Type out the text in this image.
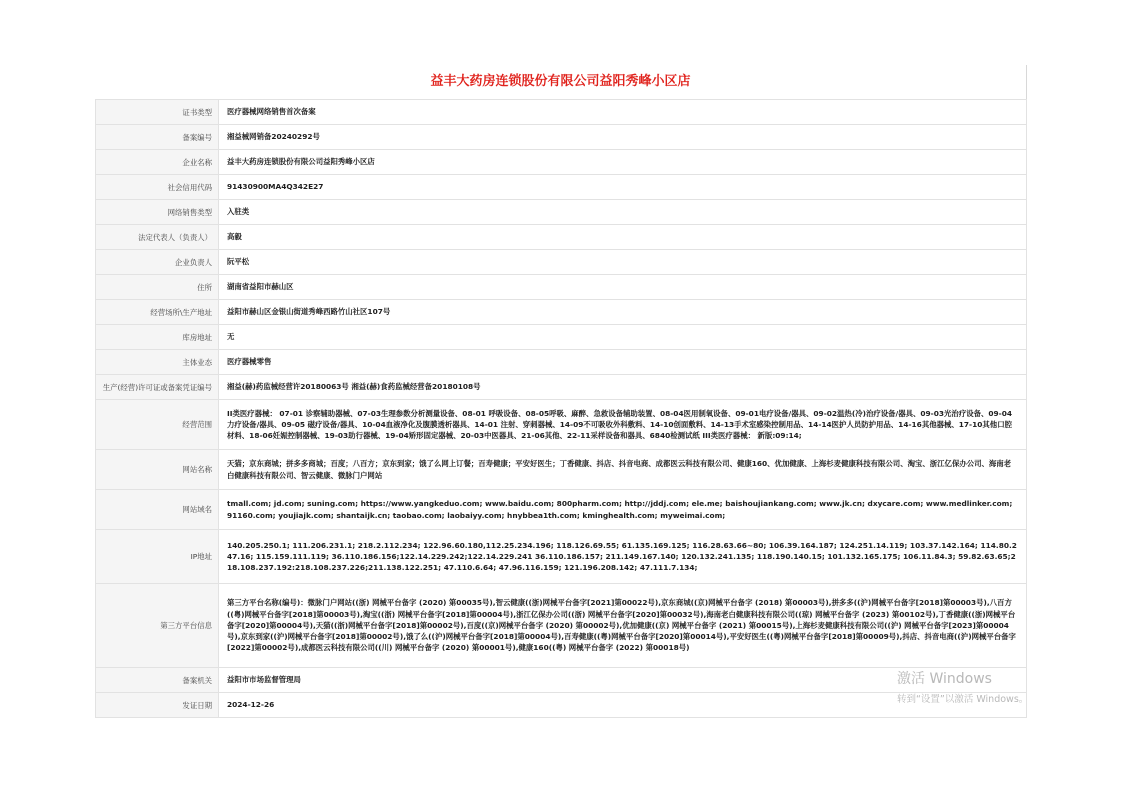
益丰大药房连锁股份有限公司益阳秀峰小区店
证书类型	医疗器械网络销售首次备案
备案编号	湘益械网销备20240292号
企业名称	益丰大药房连锁股份有限公司益阳秀峰小区店
社会信用代码	91430900MA4Q342E27
网络销售类型	入驻类
法定代表人（负责人）	高毅
企业负责人	阮平松
住所	湖南省益阳市赫山区
经营场所\生产地址	益阳市赫山区金银山街道秀峰西路竹山社区107号
库房地址	无
主体业态	医疗器械零售
生产(经营)许可证或备案凭证编号	湘益(赫)药监械经营许20180063号 湘益(赫)食药监械经营备20180108号
经营范围	II类医疗器械： 07-01 诊察辅助器械、07-03生理参数分析测量设备、08-01 呼吸设备、08-05呼吸、麻醉、急救设备辅助装置、08-04医用制氧设备、09-01电疗设备/器具、09-02温热(冷)治疗设备/器具、09-03光治疗设备、09-04力疗设备/器具、09-05 磁疗设备/器具、10-04血液净化及腹膜透析器具、14-01 注射、穿刺器械、14-09不可吸收外科敷料、14-10创面敷料、14-13手术室感染控制用品、14-14医护人员防护用品、14-16其他器械、17-10其他口腔材料、18-06妊娠控制器械、19-03助行器械、19-04矫形固定器械、20-03中医器具、21-06其他、22-11采样设备和器具、6840检测试纸 III类医疗器械： 新版:09:14;
网站名称	天猫；京东商城；拼多多商城；百度；八百方；京东到家；饿了么网上订餐；百寿健康；平安好医生；丁香健康、抖店、抖音电商、成都医云科技有限公司、健康160、优加健康、上海杉麦健康科技有限公司、淘宝、浙江亿保办公司、海南老白健康科技有限公司、智云健康、微脉门户网站
网站域名	tmall.com; jd.com; suning.com; https://www.yangkeduo.com; www.baidu.com; 800pharm.com; http://jddj.com; ele.me; baishoujiankang.com; www.jk.cn; dxycare.com; www.medlinker.com; 91160.com; youjiajk.com; shantaijk.cn; taobao.com; laobaiyy.com; hnybbea1th.com; kminghealth.com; myweimai.com;
IP地址	140.205.250.1; 111.206.231.1; 218.2.112.234; 122.96.60.180,112.25.234.196; 118.126.69.55; 61.135.169.125; 116.28.63.66~80; 106.39.164.187; 124.251.14.119; 103.37.142.164; 114.80.247.16; 115.159.111.119; 36.110.186.156;122.14.229.242;122.14.229.241 36.110.186.157; 211.149.167.140; 120.132.241.135; 118.190.140.15; 101.132.165.175; 106.11.84.3; 59.82.63.65;218.108.237.192:218.108.237.226;211.138.122.251; 47.110.6.64; 47.96.116.159; 121.196.208.142; 47.111.7.134;
第三方平台信息	第三方平台名称(编号)：微脉门户网站((浙) 网械平台备字 (2020) 第00035号),智云健康((浙)网械平台备字[2021]第00022号),京东商城((京)网械平台备字 (2018) 第00003号),拼多多((沪)网械平台备字[2018]第00003号),八百方((粤)网械平台备字[2018]第00003号),淘宝((浙) 网械平台备字[2018]第00004号),浙江亿保办公司((浙) 网械平台备字[2020]第00032号),海南老白健康科技有限公司((琼) 网械平台备字 (2023) 第00102号),丁香健康((浙)网械平台备字[2020]第00004号),天猫((浙)网械平台备字[2018]第00002号),百度((京)网械平台备字 (2020) 第00002号),优加健康((京) 网械平台备字 (2021) 第00015号),上海杉麦健康科技有限公司((沪) 网械平台备字[2023]第00004号),京东到家((沪)网械平台备字[2018]第00002号),饿了么((沪)网械平台备字[2018]第00004号),百寿健康((粤)网械平台备字[2020]第00014号),平安好医生((粤)网械平台备字[2018]第00009号),抖店、抖音电商((沪)网械平台备字[2022]第00002号),成都医云科技有限公司((川) 网械平台备字 (2020) 第00001号),健康160((粤) 网械平台备字 (2022) 第00018号)
备案机关	益阳市市场监督管理局
发证日期	2024-12-26
激活 Windows
转到“设置”以激活 Windows。
